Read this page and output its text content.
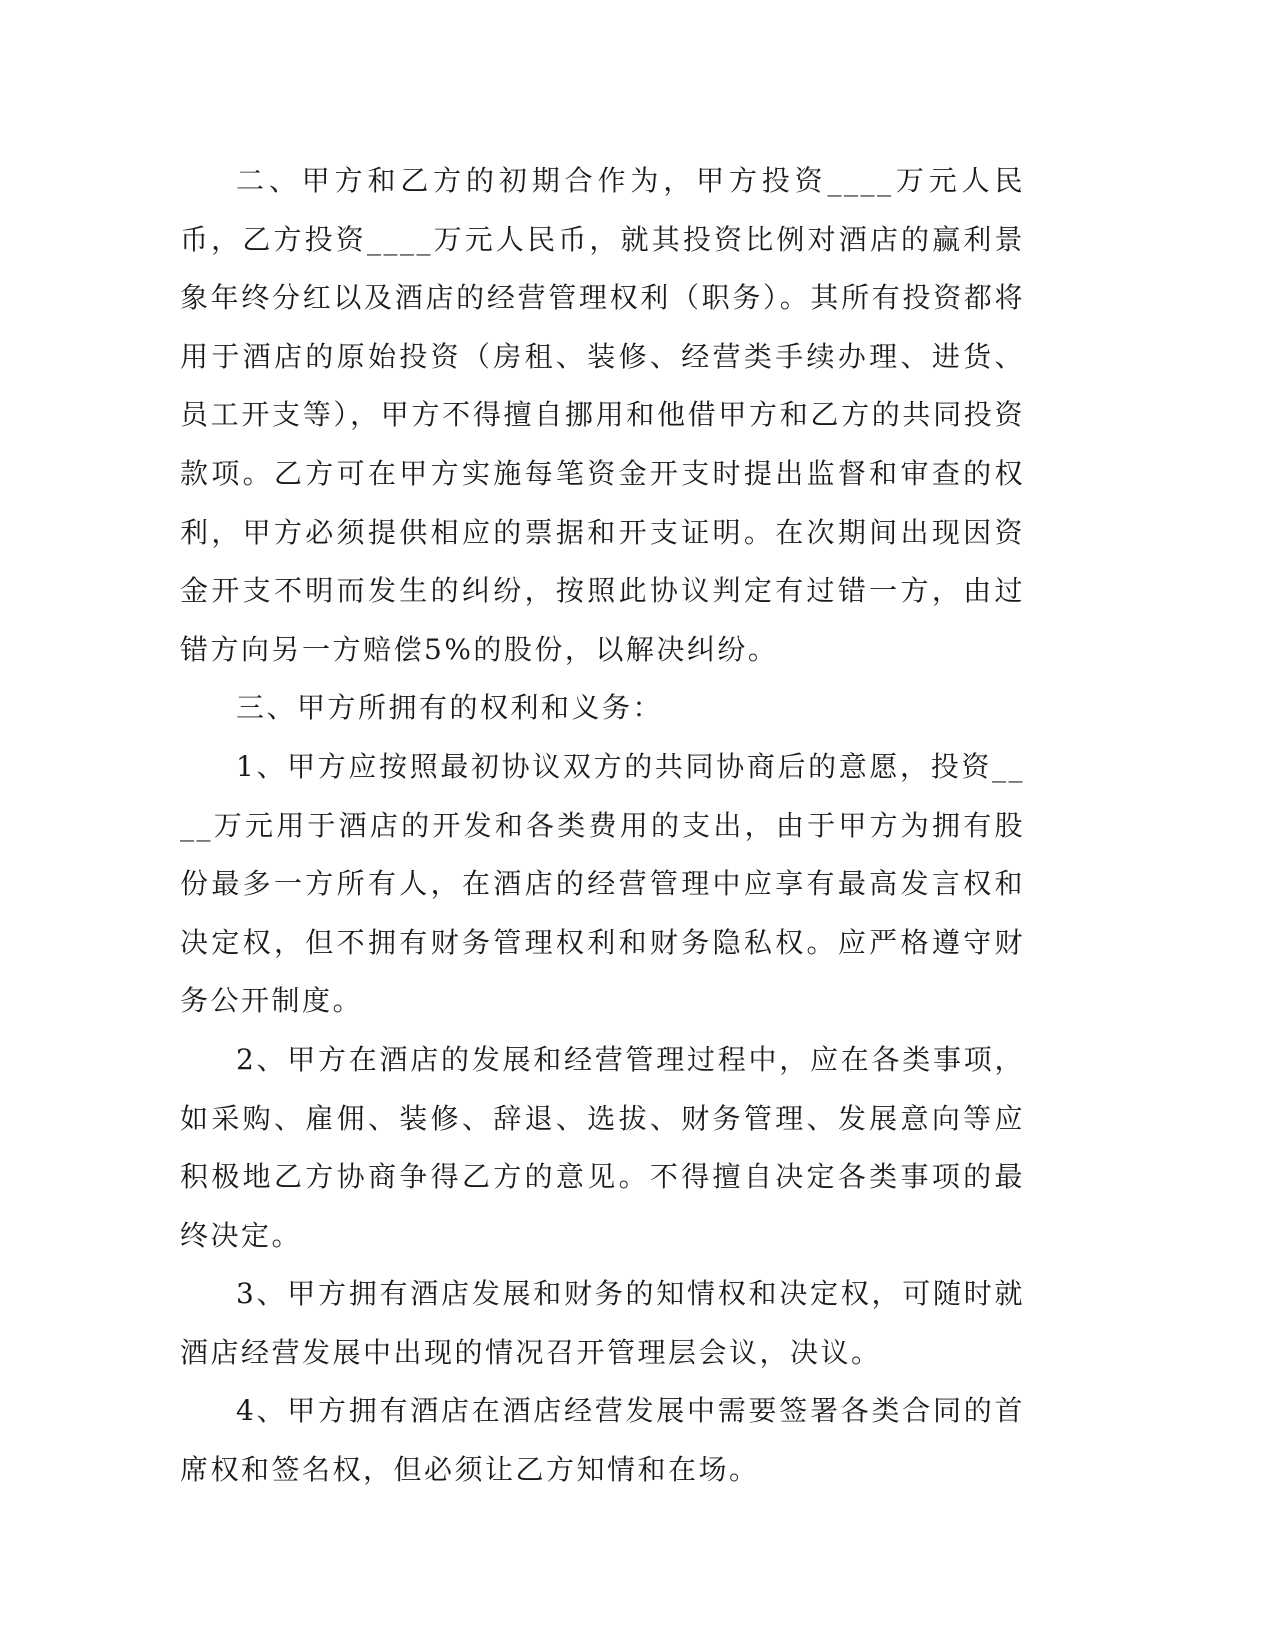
二、甲方和乙方的初期合作为，甲方投资____万元人民币，乙方投资____万元人民币，就其投资比例对酒店的赢利景象年终分红以及酒店的经营管理权利（职务）。其所有投资都将用于酒店的原始投资（房租、装修、经营类手续办理、进货、员工开支等），甲方不得擅自挪用和他借甲方和乙方的共同投资款项。乙方可在甲方实施每笔资金开支时提出监督和审查的权利，甲方必须提供相应的票据和开支证明。在次期间出现因资金开支不明而发生的纠纷，按照此协议判定有过错一方，由过错方向另一方赔偿5%的股份，以解决纠纷。

三、甲方所拥有的权利和义务：

1、甲方应按照最初协议双方的共同协商后的意愿，投资____万元用于酒店的开发和各类费用的支出，由于甲方为拥有股份最多一方所有人，在酒店的经营管理中应享有最高发言权和决定权，但不拥有财务管理权利和财务隐私权。应严格遵守财务公开制度。

2、甲方在酒店的发展和经营管理过程中，应在各类事项，如采购、雇佣、装修、辞退、选拔、财务管理、发展意向等应积极地乙方协商争得乙方的意见。不得擅自决定各类事项的最终决定。

3、甲方拥有酒店发展和财务的知情权和决定权，可随时就酒店经营发展中出现的情况召开管理层会议，决议。

4、甲方拥有酒店在酒店经营发展中需要签署各类合同的首席权和签名权，但必须让乙方知情和在场。
